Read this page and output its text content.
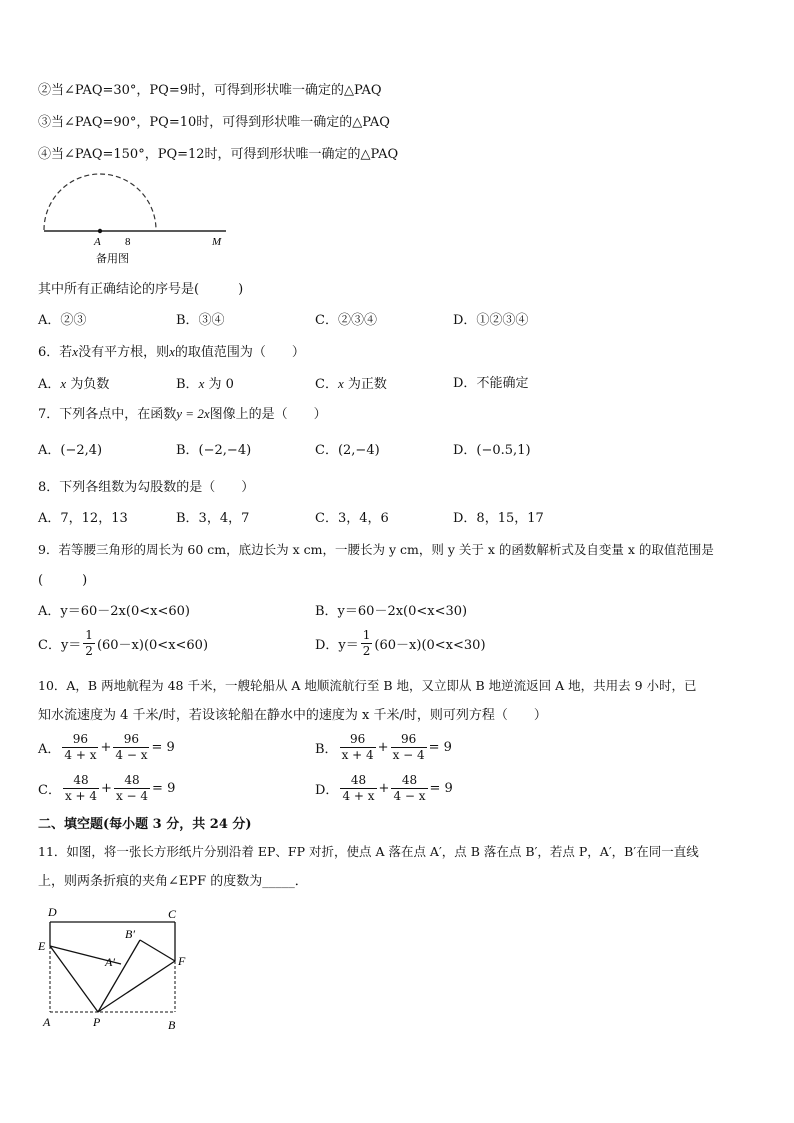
②当∠PAQ=30°，PQ=9时，可得到形状唯一确定的△PAQ
③当∠PAQ=90°，PQ=10时，可得到形状唯一确定的△PAQ
④当∠PAQ=150°，PQ=12时，可得到形状唯一确定的△PAQ
A 8	M
备用图
其中所有正确结论的序号是(　　　)
A．②③	B．③④	C．②③④	D．①②③④
6．若x没有平方根，则x的取值范围为（　　）
A．x 为负数	B．x 为 0	C．x 为正数	D．不能确定
7．下列各点中，在函数y = 2x图像上的是（　　）
A．(−2,4)	B．(−2,−4)	C．(2,−4)	D．(−0.5,1)
8．下列各组数为勾股数的是（　　）
A．7，12，13	B．3，4，7	C．3，4，6	D．8，15，17
9．若等腰三角形的周长为 60 cm，底边长为 x cm，一腰长为 y cm，则 y 关于 x 的函数解析式及自变量 x 的取值范围是
(　　　)
A．y＝60－2x(0<x<60)	B．y＝60－2x(0<x<30)
C．$y= \frac{1}{2} (60-x)(0<x<60)$	D．$y= \frac{1}{2} (60-x)(0<x<30)$
10．A，B 两地航程为 48 千米，一艘轮船从 A 地顺流航行至 B 地，又立即从 B 地逆流返回 A 地，共用去 9 小时，已
知水流速度为 4 千米/时，若设该轮船在静水中的速度为 x 千米/时，则可列方程（　　）
A． $\frac{96}{4 + x} + \frac{96}{4 - x} = 9$	B． $\frac{96}{x + 4} + \frac{96}{x - 4} = 9$
C． $\frac{48}{x + 4} + \frac{48}{x - 4} = 9$	D． $\frac{48}{4 + x} + \frac{48}{4 - x} = 9$
二、填空题(每小题 3 分，共 24 分)
11．如图，将一张长方形纸片分别沿着 EP、FP 对折，使点 A 落在点 A′，点 B 落在点 B′，若点 P，A′，B′在同一直线
上，则两条折痕的夹角∠EPF 的度数为_____．
D	C
E
F
B′
A′
A	P	B
